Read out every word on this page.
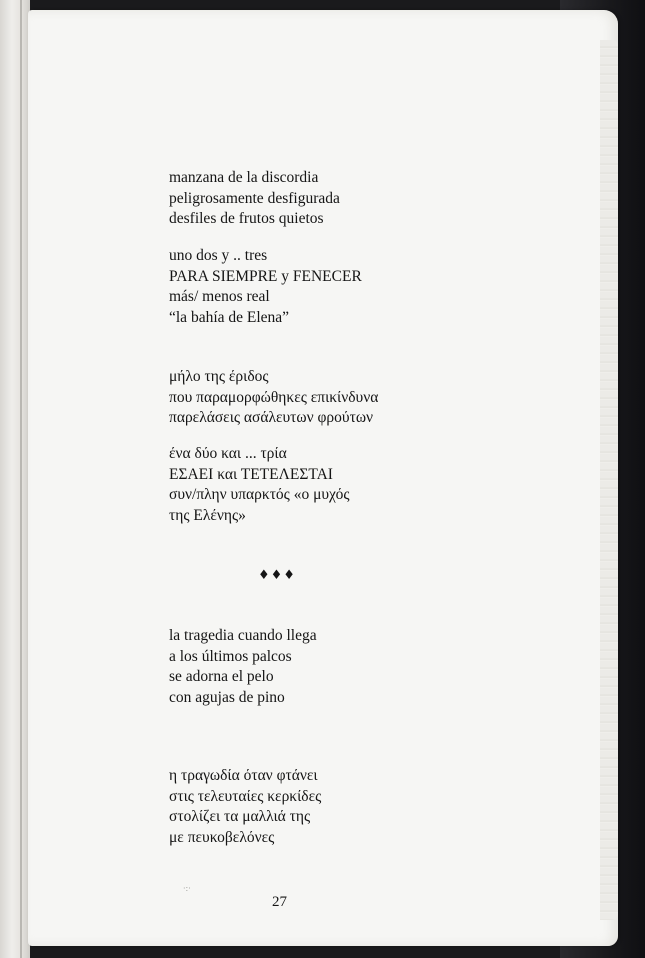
manzana de la discordia
peligrosamente desfigurada
desfiles de frutos quietos
uno dos y .. tres
PARA SIEMPRE y FENECER
más/ menos real
“la bahía de Elena”
μήλο της έριδος
που παραμορφώθηκες επικίνδυνα
παρελάσεις ασάλευτων φρούτων
ένα δύο και ... τρία
ΕΣΑΕΙ και ΤΕΤΕΛΕΣΤΑΙ
συν/πλην υπαρκτός «ο μυχός
της Ελένης»
♦♦♦
la tragedia cuando llega
a los últimos palcos
se adorna el pelo
con agujas de pino
η τραγωδία όταν φτάνει
στις τελευταίες κερκίδες
στολίζει τα μαλλιά της
με πευκοβελόνες
·:·
27
